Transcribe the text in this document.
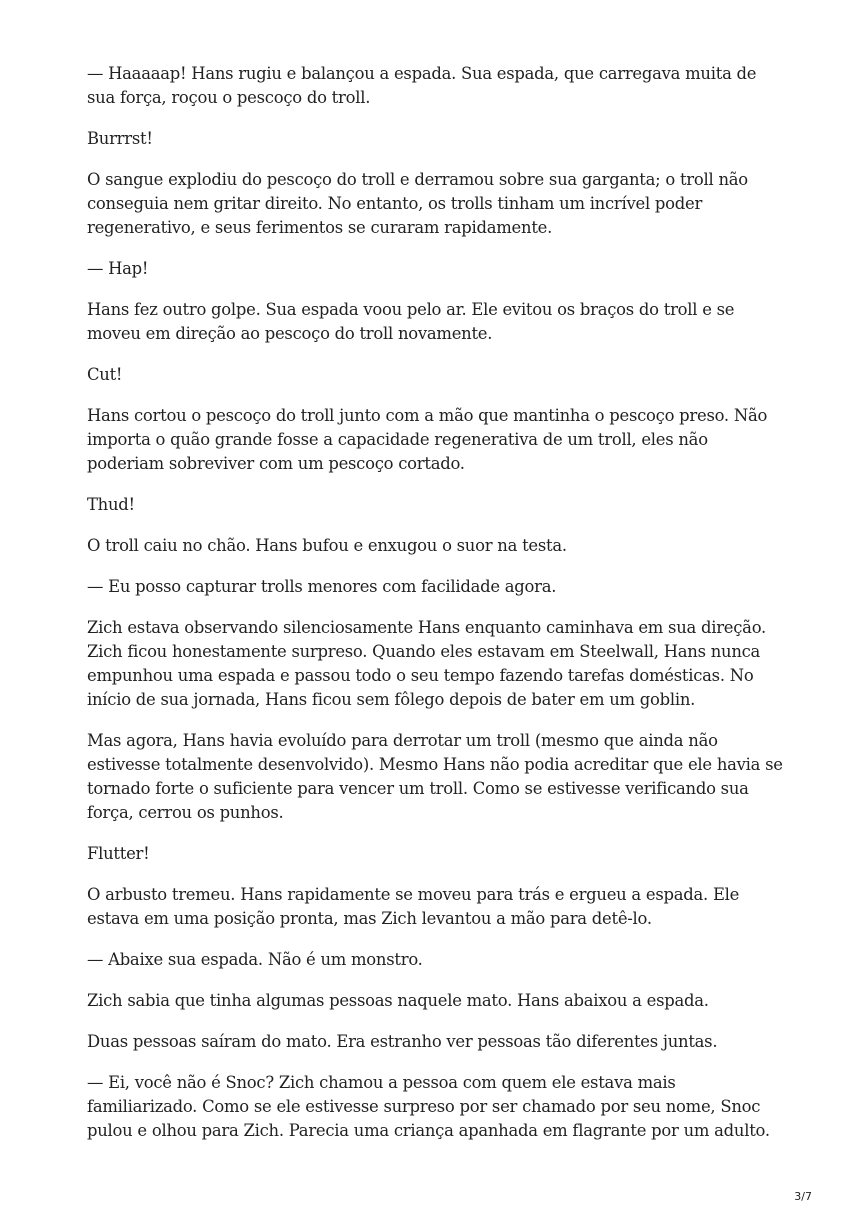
— Haaaaap! Hans rugiu e balançou a espada. Sua espada, que carregava muita de sua força, roçou o pescoço do troll.

Burrrst!

O sangue explodiu do pescoço do troll e derramou sobre sua garganta; o troll não conseguia nem gritar direito. No entanto, os trolls tinham um incrível poder regenerativo, e seus ferimentos se curaram rapidamente.

— Hap!

Hans fez outro golpe. Sua espada voou pelo ar. Ele evitou os braços do troll e se moveu em direção ao pescoço do troll novamente.

Cut!

Hans cortou o pescoço do troll junto com a mão que mantinha o pescoço preso. Não importa o quão grande fosse a capacidade regenerativa de um troll, eles não poderiam sobreviver com um pescoço cortado.

Thud!

O troll caiu no chão. Hans bufou e enxugou o suor na testa.

— Eu posso capturar trolls menores com facilidade agora.

Zich estava observando silenciosamente Hans enquanto caminhava em sua direção. Zich ficou honestamente surpreso. Quando eles estavam em Steelwall, Hans nunca empunhou uma espada e passou todo o seu tempo fazendo tarefas domésticas. No início de sua jornada, Hans ficou sem fôlego depois de bater em um goblin.

Mas agora, Hans havia evoluído para derrotar um troll (mesmo que ainda não estivesse totalmente desenvolvido). Mesmo Hans não podia acreditar que ele havia se tornado forte o suficiente para vencer um troll. Como se estivesse verificando sua força, cerrou os punhos.

Flutter!

O arbusto tremeu. Hans rapidamente se moveu para trás e ergueu a espada. Ele estava em uma posição pronta, mas Zich levantou a mão para detê-lo.

— Abaixe sua espada. Não é um monstro.

Zich sabia que tinha algumas pessoas naquele mato. Hans abaixou a espada.

Duas pessoas saíram do mato. Era estranho ver pessoas tão diferentes juntas.

— Ei, você não é Snoc? Zich chamou a pessoa com quem ele estava mais familiarizado. Como se ele estivesse surpreso por ser chamado por seu nome, Snoc pulou e olhou para Zich. Parecia uma criança apanhada em flagrante por um adulto.

3/7
